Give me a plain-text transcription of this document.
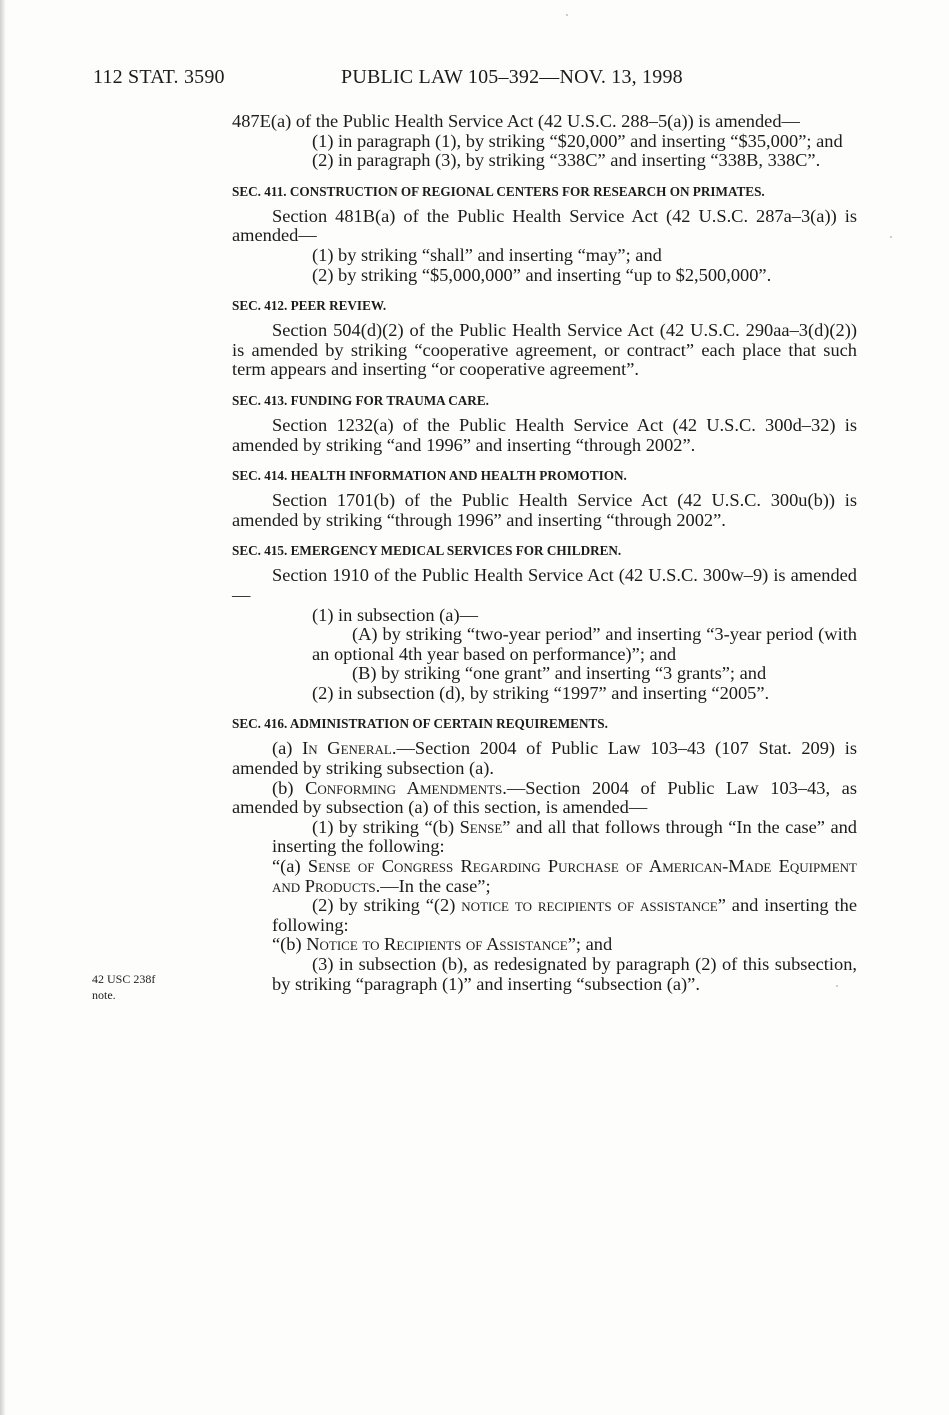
112 STAT. 3590	PUBLIC LAW 105–392—NOV. 13, 1998
42 USC 238f
note.

487E(a) of the Public Health Service Act (42 U.S.C. 288–5(a)) is amended—

(1) in paragraph (1), by striking “$20,000” and inserting “$35,000”; and

(2) in paragraph (3), by striking “338C” and inserting “338B, 338C”.

SEC. 411. CONSTRUCTION OF REGIONAL CENTERS FOR RESEARCH ON PRIMATES.

Section 481B(a) of the Public Health Service Act (42 U.S.C. 287a–3(a)) is amended—

(1) by striking “shall” and inserting “may”; and

(2) by striking “$5,000,000” and inserting “up to $2,500,000”.

SEC. 412. PEER REVIEW.

Section 504(d)(2) of the Public Health Service Act (42 U.S.C. 290aa–3(d)(2)) is amended by striking “cooperative agreement, or contract” each place that such term appears and inserting “or cooperative agreement”.

SEC. 413. FUNDING FOR TRAUMA CARE.

Section 1232(a) of the Public Health Service Act (42 U.S.C. 300d–32) is amended by striking “and 1996” and inserting “through 2002”.

SEC. 414. HEALTH INFORMATION AND HEALTH PROMOTION.

Section 1701(b) of the Public Health Service Act (42 U.S.C. 300u(b)) is amended by striking “through 1996” and inserting “through 2002”.

SEC. 415. EMERGENCY MEDICAL SERVICES FOR CHILDREN.

Section 1910 of the Public Health Service Act (42 U.S.C. 300w–9) is amended—

(1) in subsection (a)—

(A) by striking “two-year period” and inserting “3-year period (with an optional 4th year based on performance)”; and

(B) by striking “one grant” and inserting “3 grants”; and

(2) in subsection (d), by striking “1997” and inserting “2005”.

SEC. 416. ADMINISTRATION OF CERTAIN REQUIREMENTS.

(a) In General.—Section 2004 of Public Law 103–43 (107 Stat. 209) is amended by striking subsection (a).

(b) Conforming Amendments.—Section 2004 of Public Law 103–43, as amended by subsection (a) of this section, is amended—

(1) by striking “(b) Sense” and all that follows through “In the case” and inserting the following:

“(a) Sense of Congress Regarding Purchase of American-Made Equipment and Products.—In the case”;

(2) by striking “(2) notice to recipients of assistance” and inserting the following:

“(b) Notice to Recipients of Assistance”; and

(3) in subsection (b), as redesignated by paragraph (2) of this subsection, by striking “paragraph (1)” and inserting “subsection (a)”.
